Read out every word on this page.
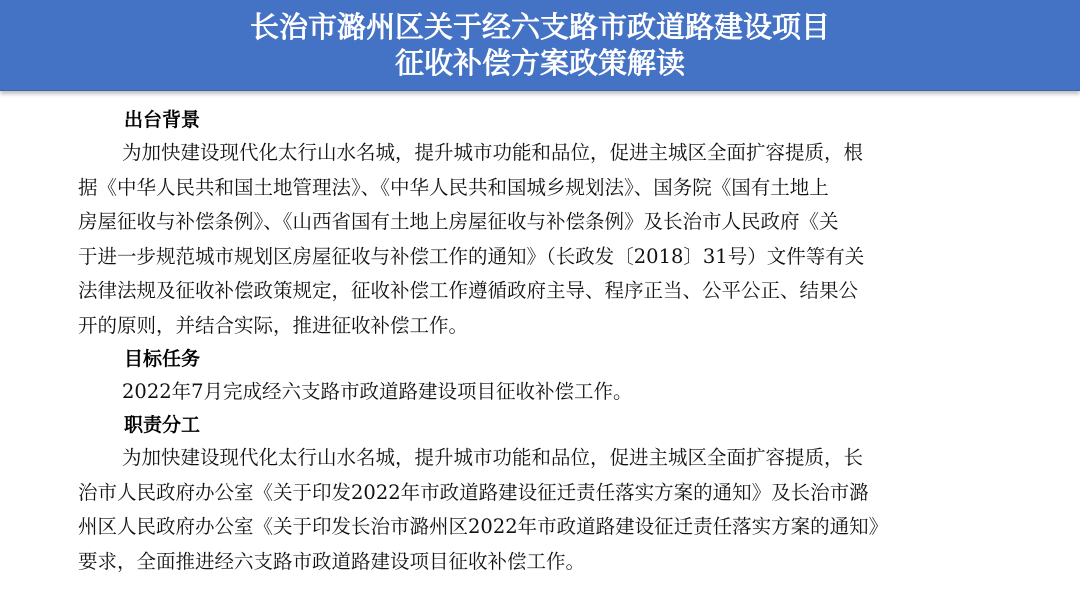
长治市潞州区关于经六支路市政道路建设项目
征收补偿方案政策解读
出台背景
为加快建设现代化太行山水名城，提升城市功能和品位，促进主城区全面扩容提质，根
据《中华人民共和国土地管理法》、《中华人民共和国城乡规划法》、国务院《国有土地上
房屋征收与补偿条例》、《山西省国有土地上房屋征收与补偿条例》及长治市人民政府《关
于进一步规范城市规划区房屋征收与补偿工作的通知》（长政发〔2018〕31号）文件等有关
法律法规及征收补偿政策规定，征收补偿工作遵循政府主导、程序正当、公平公正、结果公
开的原则，并结合实际，推进征收补偿工作。
目标任务
2022年7月完成经六支路市政道路建设项目征收补偿工作。
职责分工
为加快建设现代化太行山水名城，提升城市功能和品位，促进主城区全面扩容提质，长
治市人民政府办公室《关于印发2022年市政道路建设征迁责任落实方案的通知》及长治市潞
州区人民政府办公室《关于印发长治市潞州区2022年市政道路建设征迁责任落实方案的通知》
要求，全面推进经六支路市政道路建设项目征收补偿工作。
